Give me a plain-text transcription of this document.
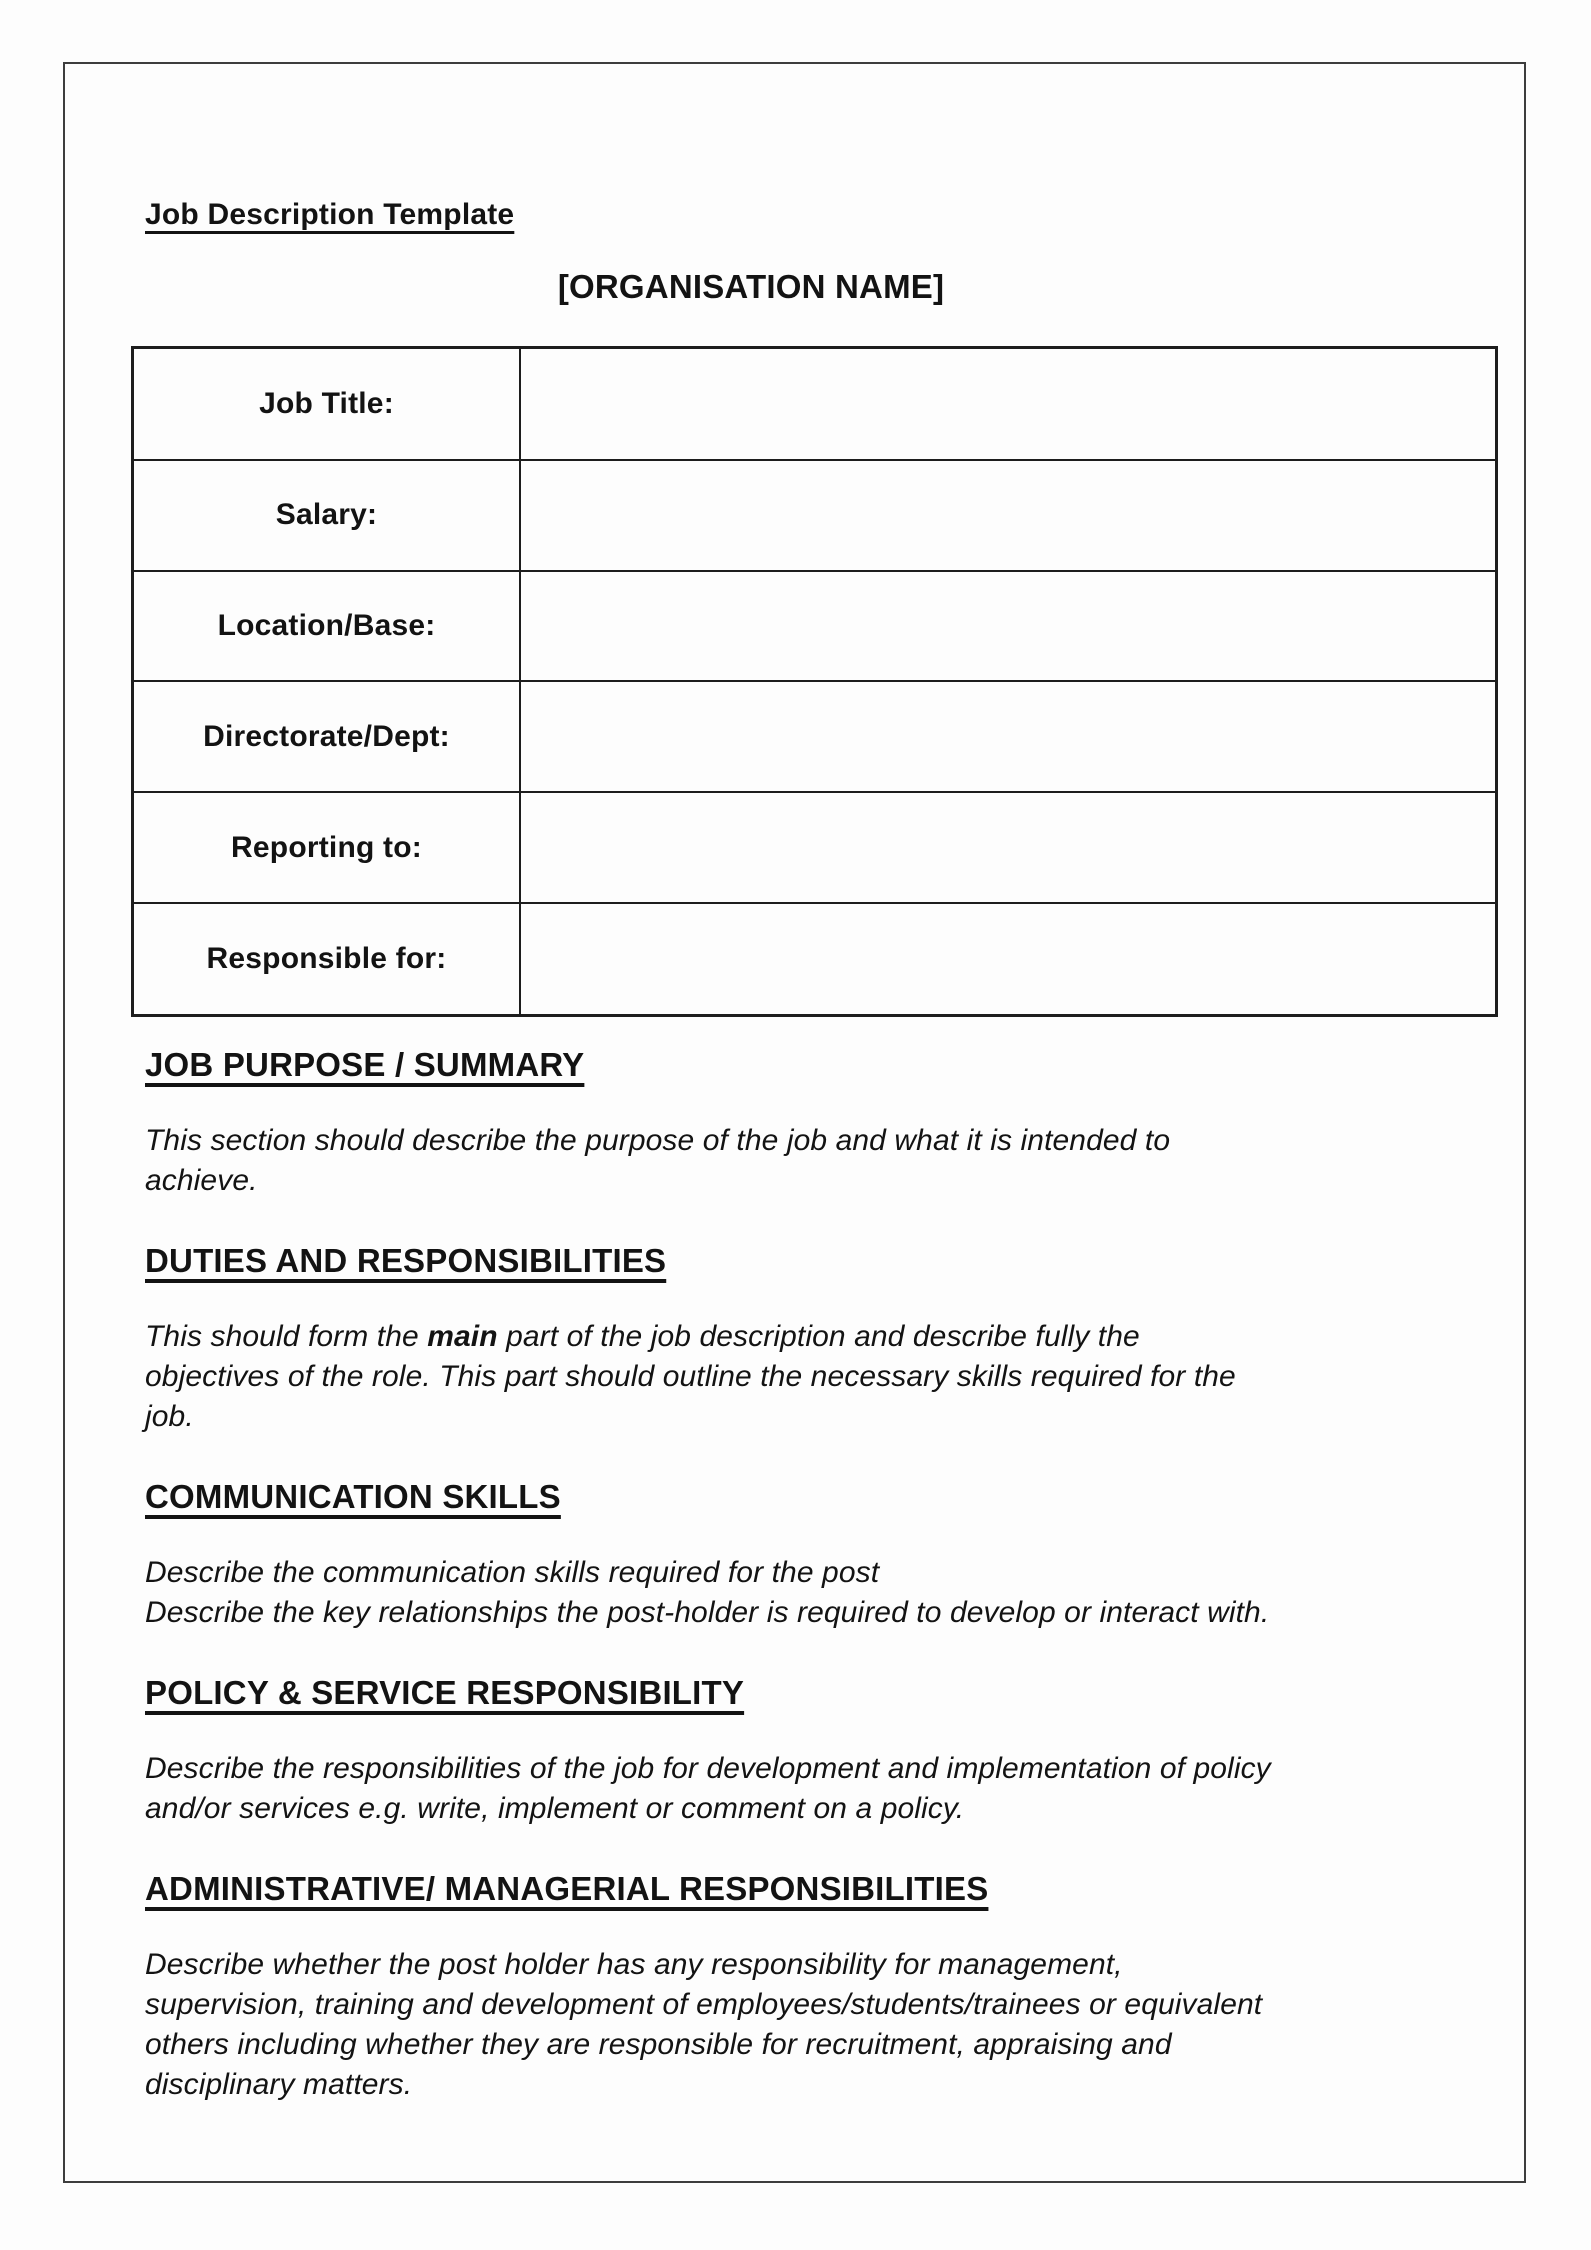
Job Description Template
[ORGANISATION NAME]
Job Title:	
Salary:	
Location/Base:	
Directorate/Dept:	
Reporting to:	
Responsible for:	
JOB PURPOSE / SUMMARY
This section should describe the purpose of the job and what it is intended to
achieve.
DUTIES AND RESPONSIBILITIES
This should form the main part of the job description and describe fully the
objectives of the role. This part should outline the necessary skills required for the
job.
COMMUNICATION SKILLS
Describe the communication skills required for the post
Describe the key relationships the post-holder is required to develop or interact with.
POLICY & SERVICE RESPONSIBILITY
Describe the responsibilities of the job for development and implementation of policy
and/or services e.g. write, implement or comment on a policy.
ADMINISTRATIVE/ MANAGERIAL RESPONSIBILITIES
Describe whether the post holder has any responsibility for management,
supervision, training and development of employees/students/trainees or equivalent
others including whether they are responsible for recruitment, appraising and
disciplinary matters.
